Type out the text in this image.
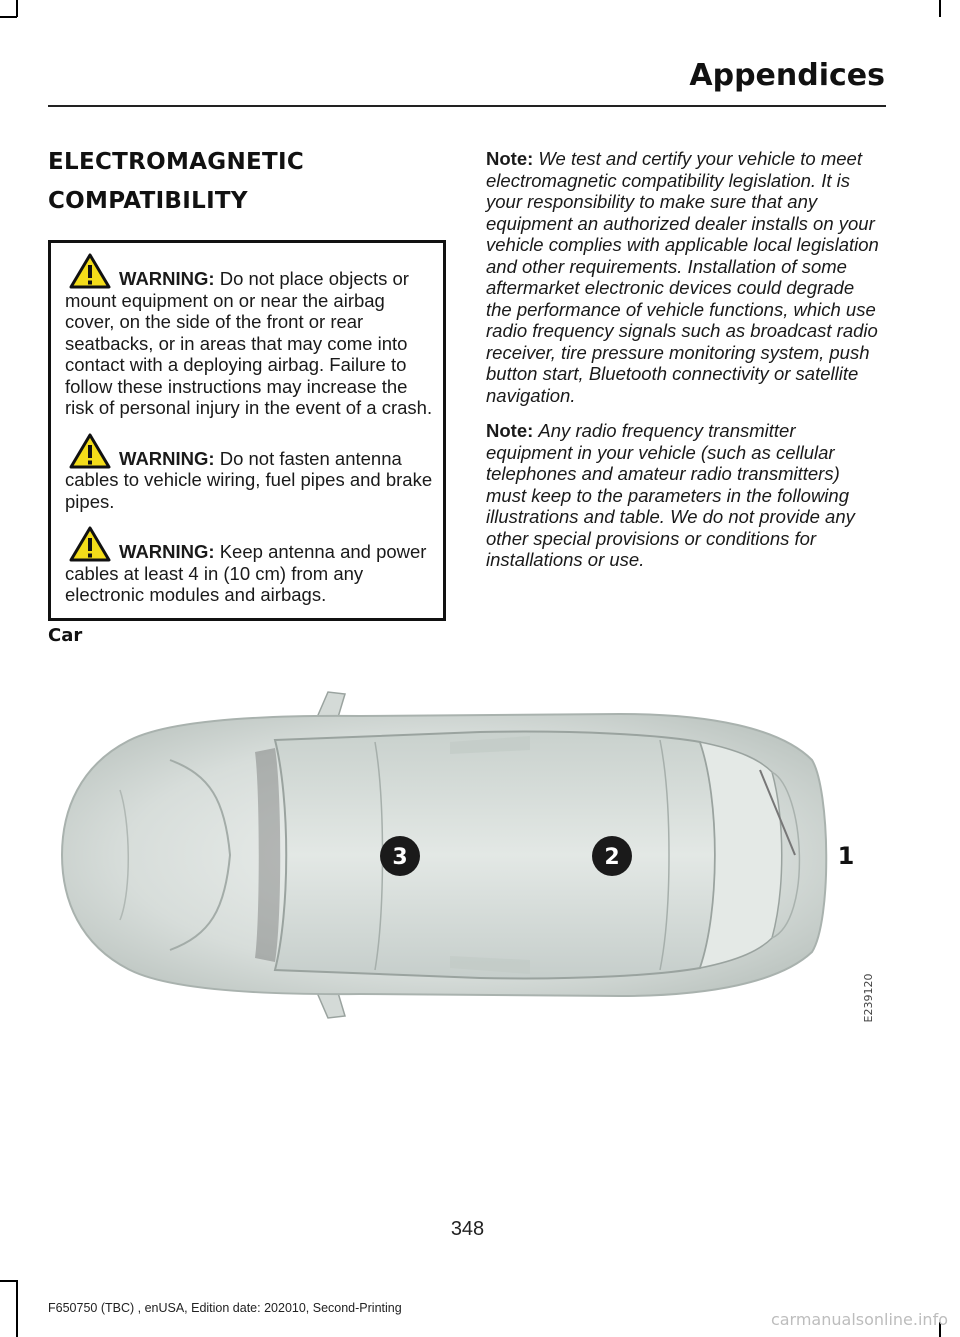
Appendices
ELECTROMAGNETIC
COMPATIBILITY

WARNING: Do not place objects or mount equipment on or near the airbag cover, on the side of the front or rear seatbacks, or in areas that may come into contact with a deploying airbag. Failure to follow these instructions may increase the risk of personal injury in the event of a crash.

WARNING: Do not fasten antenna cables to vehicle wiring, fuel pipes and brake pipes.

WARNING: Keep antenna and power cables at least 4 in (10 cm) from any electronic modules and airbags.

Note: We test and certify your vehicle to meet electromagnetic compatibility legislation. It is your responsibility to make sure that any equipment an authorized dealer installs on your vehicle complies with applicable local legislation and other requirements. Installation of some aftermarket electronic devices could degrade the performance of vehicle functions, which use radio frequency signals such as broadcast radio receiver, tire pressure monitoring system, push button start, Bluetooth connectivity or satellite navigation.

Note: Any radio frequency transmitter equipment in your vehicle (such as cellular telephones and amateur radio transmitters) must keep to the parameters in the following illustrations and table. We do not provide any other special provisions or conditions for installations or use.

Car
3	2	1
E239120
348
F650750 (TBC) , enUSA, Edition date: 202010, Second-Printing
carmanualsonline.info
